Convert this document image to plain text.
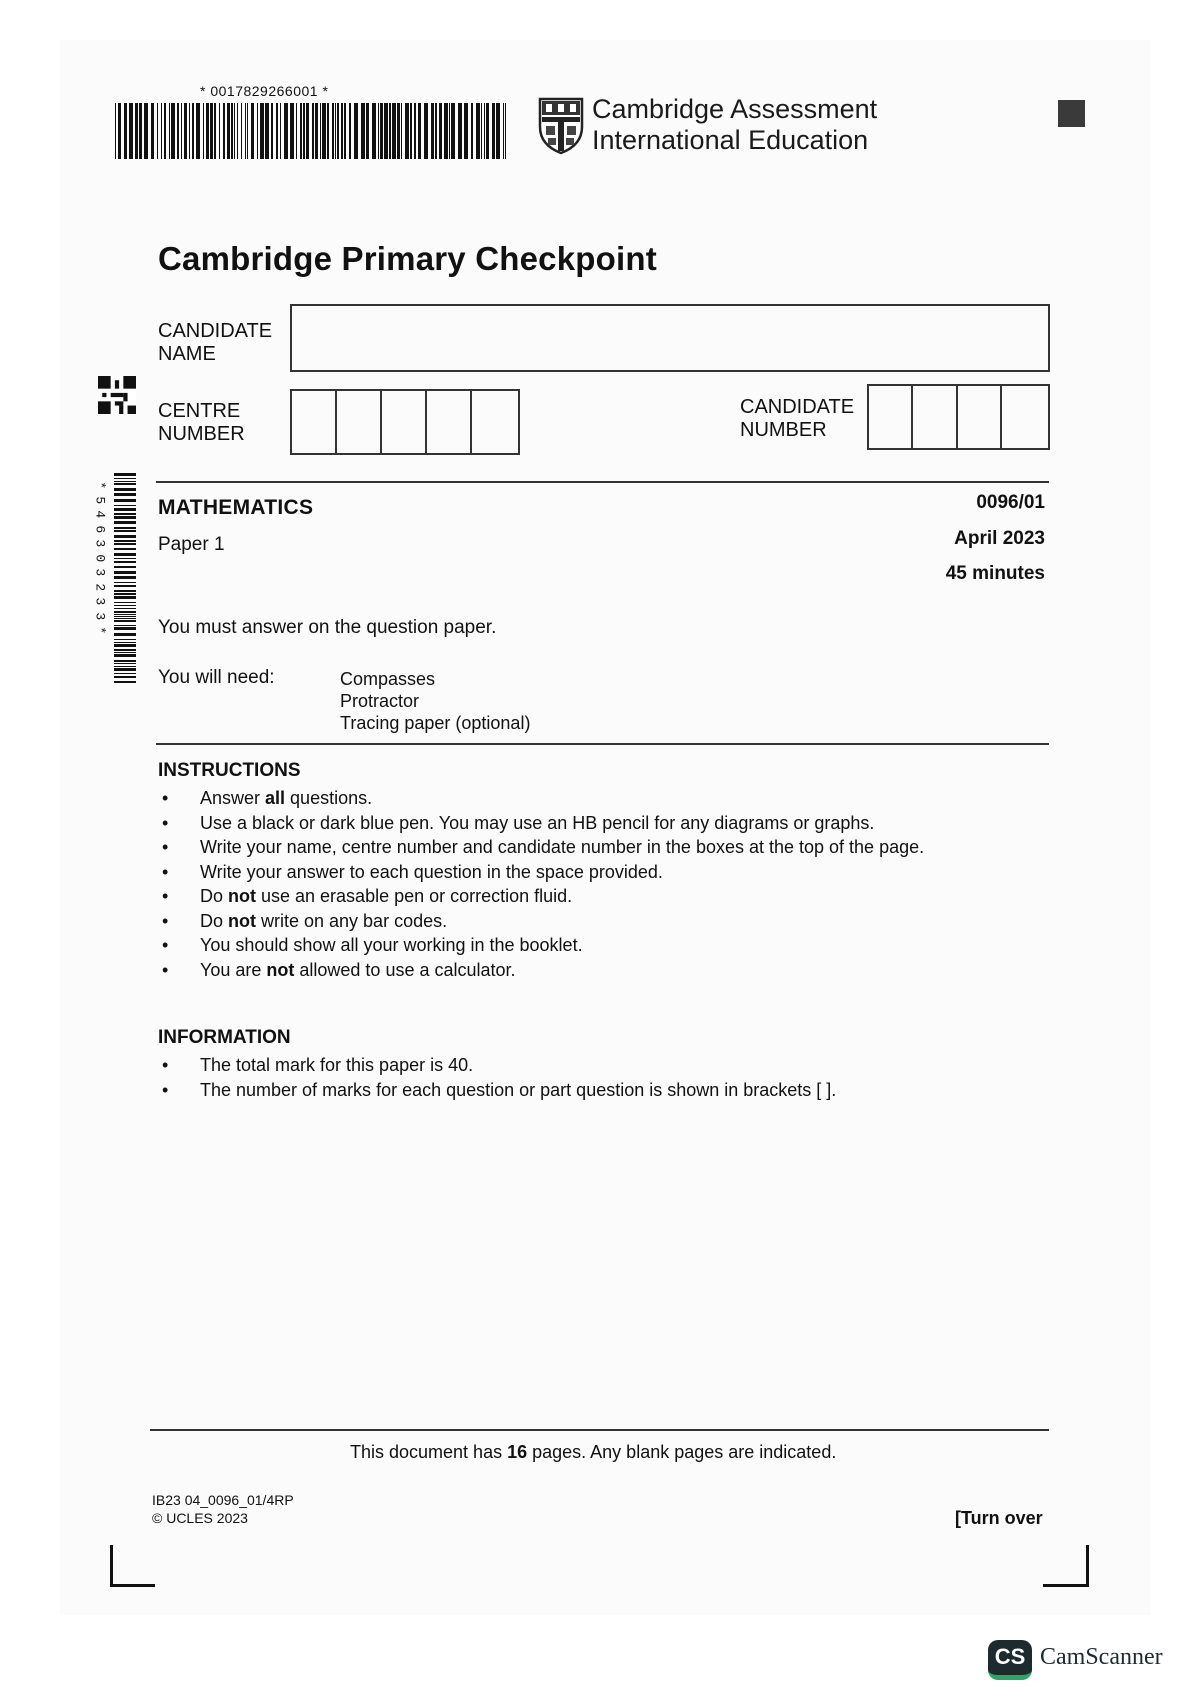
* 0017829266001 *
Cambridge Assessment
International Education
Cambridge Primary Checkpoint
CANDIDATE
NAME
*
5
4
6
3
0
3
2
3
3
*
CENTRE
NUMBER
CANDIDATE
NUMBER
MATHEMATICS
Paper 1
0096/01
April 2023
45 minutes
You must answer on the question paper.
You will need:	Compasses
Protractor
Tracing paper (optional)
INSTRUCTIONS
• Answer all questions.
• Use a black or dark blue pen. You may use an HB pencil for any diagrams or graphs.
• Write your name, centre number and candidate number in the boxes at the top of the page.
• Write your answer to each question in the space provided.
• Do not use an erasable pen or correction fluid.
• Do not write on any bar codes.
• You should show all your working in the booklet.
• You are not allowed to use a calculator.
INFORMATION
• The total mark for this paper is 40.
• The number of marks for each question or part question is shown in brackets [ ].
This document has 16 pages. Any blank pages are indicated.
IB23 04_0096_01/4RP
© UCLES 2023	[Turn over
CS CamScanner
